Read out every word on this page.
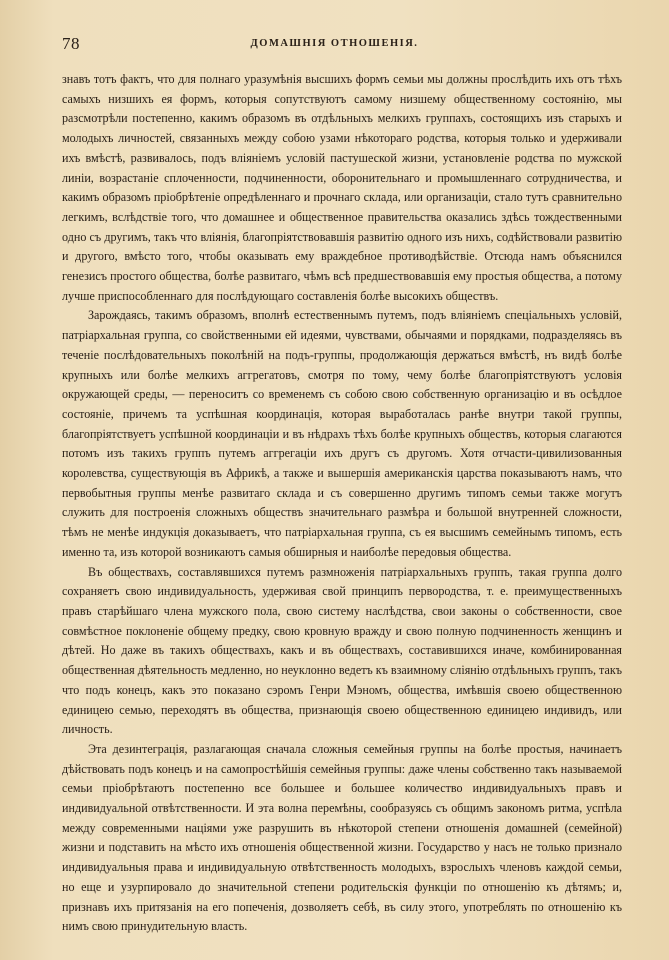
78	ДОМАШНІЯ ОТНОШЕНІЯ.

знавъ тотъ фактъ, что для полнаго уразумѣнія высшихъ формъ семьи мы должны прослѣдить ихъ отъ тѣхъ самыхъ низшихъ ея формъ, которыя сопутствуютъ самому низшему общественному состоянію, мы разсмотрѣли постепенно, какимъ образомъ въ отдѣльныхъ мелкихъ группахъ, состоящихъ изъ старыхъ и молодыхъ личностей, связанныхъ между собою узами нѣкотораго родства, которыя только и удерживали ихъ вмѣстѣ, развивалось, подъ вліяніемъ условій пастушеской жизни, установленіе родства по мужской линіи, возрастаніе сплоченности, подчиненности, оборонительнаго и промышленнаго сотрудничества, и какимъ образомъ пріобрѣтеніе опредѣленнаго и прочнаго склада, или организаціи, стало тутъ сравнительно легкимъ, вслѣдствіе того, что домашнее и общественное правительства оказались здѣсь тождественными одно съ другимъ, такъ что вліянія, благопріятствовавшія развитію одного изъ нихъ, содѣйствовали развитію и другого, вмѣсто того, чтобы оказывать ему враждебное противодѣйствіе. Отсюда намъ объяснился генезисъ простого общества, болѣе развитаго, чѣмъ всѣ предшествовавшія ему простыя общества, а потому лучше приспособленнаго для послѣдующаго составленія болѣе высокихъ обществъ.

Зарождаясь, такимъ образомъ, вполнѣ естественнымъ путемъ, подъ вліяніемъ спеціальныхъ условій, патріархальная группа, со свойственными ей идеями, чувствами, обычаями и порядками, подразделяясь въ теченіе послѣдовательныхъ поколѣній на подъ-группы, продолжающія держаться вмѣстѣ, нъ видѣ болѣе крупныхъ или болѣе мелкихъ аггрегатовъ, смотря по тому, чему болѣе благопріятствуютъ условія окружающей среды, — переноситъ со временемъ съ собою свою собственную организацію и въ осѣдлое состояніе, причемъ та успѣшная координація, которая выработалась ранѣе внутри такой группы, благопріятствуетъ успѣшной координаціи и въ нѣдрахъ тѣхъ болѣе крупныхъ обществъ, которыя слагаются потомъ изъ такихъ группъ путемъ аггрегаціи ихъ другъ съ другомъ. Хотя отчасти-цивилизованныя королевства, существующія въ Африкѣ, а также и вышершія американскія царства показываютъ намъ, что первобытныя группы менѣе развитаго склада и съ совершенно другимъ типомъ семьи также могутъ служить для построенія сложныхъ обществъ значительнаго размѣра и большой внутренней сложности, тѣмъ не менѣе индукція доказываетъ, что патріархальная группа, съ ея высшимъ семейнымъ типомъ, есть именно та, изъ которой возникаютъ самыя обширныя и наиболѣе передовыя общества.

Въ обществахъ, составлявшихся путемъ размноженія патріархальныхъ группъ, такая группа долго сохраняетъ свою индивидуальность, удерживая свой принципъ первородства, т. е. преимущественныхъ правъ старѣйшаго члена мужского пола, свою систему наслѣдства, свои законы о собственности, свое совмѣстное поклоненіе общему предку, свою кровную вражду и свою полную подчиненность женщинъ и дѣтей. Но даже въ такихъ обществахъ, какъ и въ обществахъ, составившихся иначе, комбинированная общественная дѣятельность медленно, но неуклонно ведетъ къ взаимному слiянію отдѣльныхъ группъ, такъ что подъ конецъ, какъ это показано сэромъ Генри Мэномъ, общества, имѣвшія своею общественною единицею семью, переходятъ въ общества, признающія своею общественною единицею индивидъ, или личность.

Эта дезинтеграція, разлагающая сначала сложныя семейныя группы на болѣе простыя, начинаетъ дѣйствовать подъ конецъ и на самопростѣйшія семейныя группы: даже члены собственно такъ называемой семьи пріобрѣтаютъ постепенно все большее и большее количество индивидуальныхъ правъ и индивидуальной отвѣтственности. И эта волна перемѣны, сообразуясь съ общимъ закономъ ритма, успѣла между современными націями уже разрушить въ нѣкоторой степени отношенія домашней (семейной) жизни и подставить на мѣсто ихъ отношенія общественной жизни. Государство у насъ не только признало индивидуальныя права и индивидуальную отвѣтственность молодыхъ, взрослыхъ членовъ каждой семьи, но еще и узурпировало до значительной степени родительскія функціи по отношенію къ дѣтямъ; и, признавъ ихъ притязанія на его попеченія, дозволяетъ себѣ, въ силу этого, употреблять по отношенію къ нимъ свою принудительную власть.
